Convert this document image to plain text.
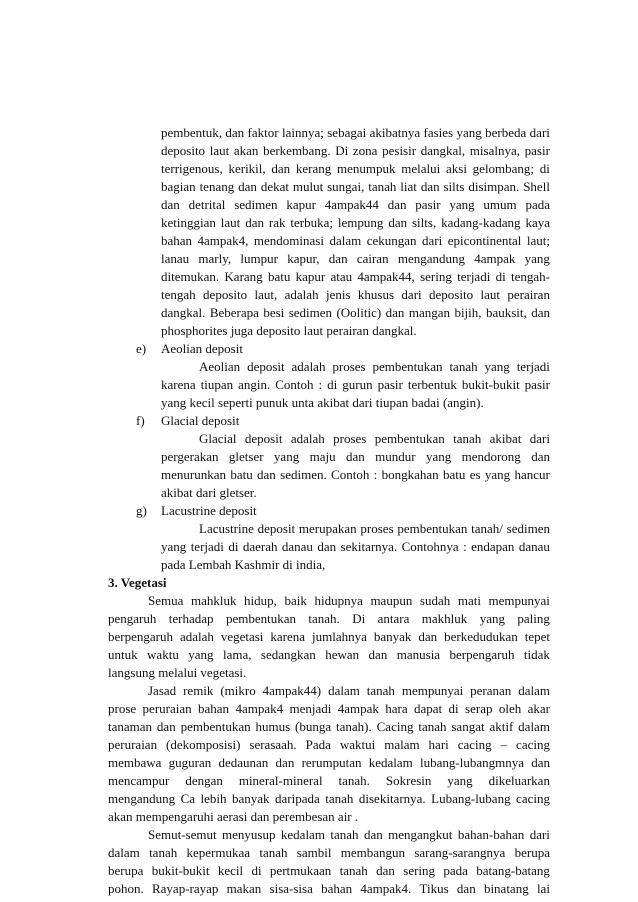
pembentuk, dan faktor lainnya; sebagai akibatnya fasies yang berbeda dari
deposito laut akan berkembang. Di zona pesisir dangkal, misalnya, pasir
terrigenous, kerikil, dan kerang menumpuk melalui aksi gelombang; di
bagian tenang dan dekat mulut sungai, tanah liat dan silts disimpan. Shell
dan detrital sedimen kapur 4ampak44 dan pasir yang umum pada
ketinggian laut dan rak terbuka; lempung dan silts, kadang-kadang kaya
bahan 4ampak4, mendominasi dalam cekungan dari epicontinental laut;
lanau marly, lumpur kapur, dan cairan mengandung 4ampak yang
ditemukan. Karang batu kapur atau 4ampak44, sering terjadi di tengah-
tengah deposito laut, adalah jenis khusus dari deposito laut perairan
dangkal. Beberapa besi sedimen (Oolitic) dan mangan bijih, bauksit, dan
phosphorites juga deposito laut perairan dangkal.
e)	Aeolian deposit
Aeolian deposit adalah proses pembentukan tanah yang terjadi
karena tiupan angin. Contoh : di gurun pasir terbentuk bukit-bukit pasir
yang kecil seperti punuk unta akibat dari tiupan badai (angin).
f)	Glacial deposit
Glacial deposit adalah proses pembentukan tanah akibat dari
pergerakan gletser yang maju dan mundur yang mendorong dan
menurunkan batu dan sedimen. Contoh : bongkahan batu es yang hancur
akibat dari gletser.
g)	Lacustrine deposit
Lacustrine deposit merupakan proses pembentukan tanah/ sedimen
yang terjadi di daerah danau dan sekitarnya. Contohnya : endapan danau
pada Lembah Kashmir di india,
3. Vegetasi
Semua mahkluk hidup, baik hidupnya maupun sudah mati mempunyai
pengaruh terhadap pembentukan tanah. Di antara makhluk yang paling
berpengaruh adalah vegetasi karena jumlahnya banyak dan berkedudukan tepet
untuk waktu yang lama, sedangkan hewan dan manusia berpengaruh tidak
langsung melalui vegetasi.
Jasad remik (mikro 4ampak44) dalam tanah mempunyai peranan dalam
prose peruraian bahan 4ampak4 menjadi 4ampak hara dapat di serap oleh akar
tanaman dan pembentukan humus (bunga tanah). Cacing tanah sangat aktif dalam
peruraian (dekomposisi) serasaah. Pada waktui malam hari cacing – cacing
membawa guguran dedaunan dan rerumputan kedalam lubang-lubangmnya dan
mencampur dengan mineral-mineral tanah. Sokresin yang dikeluarkan
mengandung Ca lebih banyak daripada tanah disekitarnya. Lubang-lubang cacing
akan mempengaruhi aerasi dan perembesan air .
Semut-semut menyusup kedalam tanah dan mengangkut bahan-bahan dari
dalam tanah kepermukaa tanah sambil membangun sarang-sarangnya berupa
berupa bukit-bukit kecil di pertmukaan tanah dan sering pada batang-batang
pohon. Rayap-rayap makan sisa-sisa bahan 4ampak4. Tikus dan binatang lai
